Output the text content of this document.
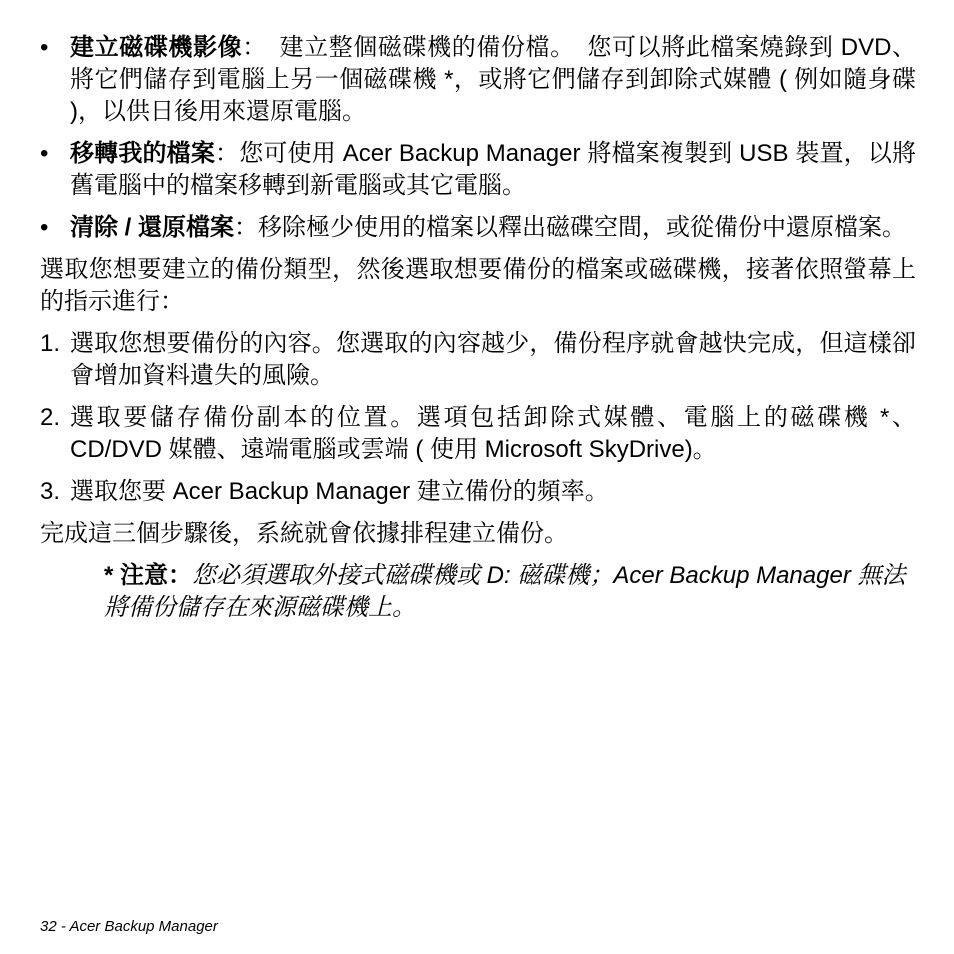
• 建立磁碟機影像：　建立整個磁碟機的備份檔。　您可以將此檔案燒錄到 DVD、將它們儲存到電腦上另一個磁碟機 *，或將它們儲存到卸除式媒體 ( 例如隨身碟 )，以供日後用來還原電腦。
• 移轉我的檔案：您可使用 Acer Backup Manager 將檔案複製到 USB 裝置，以將舊電腦中的檔案移轉到新電腦或其它電腦。
• 清除 / 還原檔案：移除極少使用的檔案以釋出磁碟空間，或從備份中還原檔案。
選取您想要建立的備份類型，然後選取想要備份的檔案或磁碟機，接著依照螢幕上的指示進行：
1. 選取您想要備份的內容。您選取的內容越少，備份程序就會越快完成，但這樣卻會增加資料遺失的風險。
2. 選取要儲存備份副本的位置。選項包括卸除式媒體、電腦上的磁碟機 *、CD/DVD 媒體、遠端電腦或雲端 ( 使用 Microsoft SkyDrive)。
3. 選取您要 Acer Backup Manager 建立備份的頻率。
完成這三個步驟後，系統就會依據排程建立備份。
* 注意：您必須選取外接式磁碟機或 D: 磁碟機；Acer Backup Manager 無法將備份儲存在來源磁碟機上。
32 - Acer Backup Manager
